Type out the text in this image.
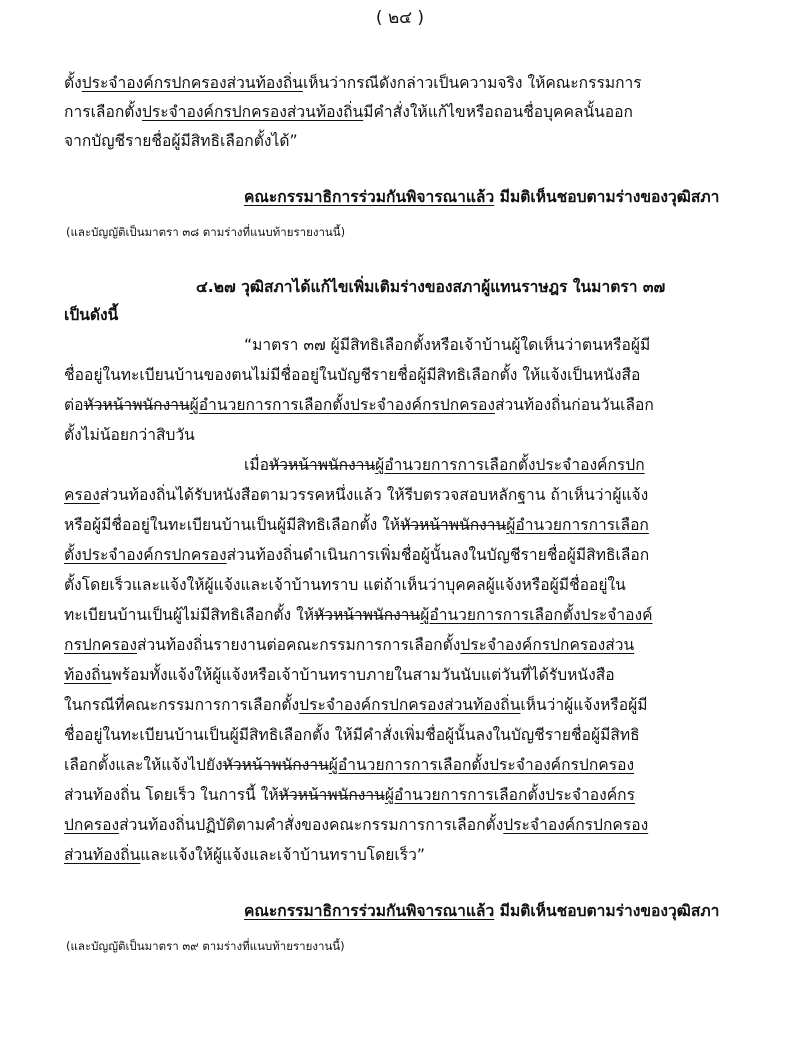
( ๒๔ )
ตั้งประจำองค์กรปกครองส่วนท้องถิ่นเห็นว่ากรณีดังกล่าวเป็นความจริง ให้คณะกรรมการ
การเลือกตั้งประจำองค์กรปกครองส่วนท้องถิ่นมีคำสั่งให้แก้ไขหรือถอนชื่อบุคคลนั้นออก
จากบัญชีรายชื่อผู้มีสิทธิเลือกตั้งได้”
คณะกรรมาธิการร่วมกันพิจารณาแล้ว มีมติเห็นชอบตามร่างของวุฒิสภา
(และบัญญัติเป็นมาตรา ๓๘ ตามร่างที่แนบท้ายรายงานนี้)
๔.๒๗ วุฒิสภาได้แก้ไขเพิ่มเติมร่างของสภาผู้แทนราษฎร ในมาตรา ๓๗
เป็นดังนี้
“มาตรา ๓๗ ผู้มีสิทธิเลือกตั้งหรือเจ้าบ้านผู้ใดเห็นว่าตนหรือผู้มี
ชื่ออยู่ในทะเบียนบ้านของตนไม่มีชื่ออยู่ในบัญชีรายชื่อผู้มีสิทธิเลือกตั้ง ให้แจ้งเป็นหนังสือ
ต่อหัวหน้าพนักงานผู้อำนวยการการเลือกตั้งประจำองค์กรปกครองส่วนท้องถิ่นก่อนวันเลือก
ตั้งไม่น้อยกว่าสิบวัน
เมื่อหัวหน้าพนักงานผู้อำนวยการการเลือกตั้งประจำองค์กรปก
ครองส่วนท้องถิ่นได้รับหนังสือตามวรรคหนึ่งแล้ว ให้รีบตรวจสอบหลักฐาน ถ้าเห็นว่าผู้แจ้ง
หรือผู้มีชื่ออยู่ในทะเบียนบ้านเป็นผู้มีสิทธิเลือกตั้ง ให้หัวหน้าพนักงานผู้อำนวยการการเลือก
ตั้งประจำองค์กรปกครองส่วนท้องถิ่นดำเนินการเพิ่มชื่อผู้นั้นลงในบัญชีรายชื่อผู้มีสิทธิเลือก
ตั้งโดยเร็วและแจ้งให้ผู้แจ้งและเจ้าบ้านทราบ แต่ถ้าเห็นว่าบุคคลผู้แจ้งหรือผู้มีชื่ออยู่ใน
ทะเบียนบ้านเป็นผู้ไม่มีสิทธิเลือกตั้ง ให้หัวหน้าพนักงานผู้อำนวยการการเลือกตั้งประจำองค์
กรปกครองส่วนท้องถิ่นรายงานต่อคณะกรรมการการเลือกตั้งประจำองค์กรปกครองส่วน
ท้องถิ่นพร้อมทั้งแจ้งให้ผู้แจ้งหรือเจ้าบ้านทราบภายในสามวันนับแต่วันที่ได้รับหนังสือ
ในกรณีที่คณะกรรมการการเลือกตั้งประจำองค์กรปกครองส่วนท้องถิ่นเห็นว่าผู้แจ้งหรือผู้มี
ชื่ออยู่ในทะเบียนบ้านเป็นผู้มีสิทธิเลือกตั้ง ให้มีคำสั่งเพิ่มชื่อผู้นั้นลงในบัญชีรายชื่อผู้มีสิทธิ
เลือกตั้งและให้แจ้งไปยังหัวหน้าพนักงานผู้อำนวยการการเลือกตั้งประจำองค์กรปกครอง
ส่วนท้องถิ่น โดยเร็ว ในการนี้ ให้หัวหน้าพนักงานผู้อำนวยการการเลือกตั้งประจำองค์กร
ปกครองส่วนท้องถิ่นปฏิบัติตามคำสั่งของคณะกรรมการการเลือกตั้งประจำองค์กรปกครอง
ส่วนท้องถิ่นและแจ้งให้ผู้แจ้งและเจ้าบ้านทราบโดยเร็ว”
คณะกรรมาธิการร่วมกันพิจารณาแล้ว มีมติเห็นชอบตามร่างของวุฒิสภา
(และบัญญัติเป็นมาตรา ๓๙ ตามร่างที่แนบท้ายรายงานนี้)
